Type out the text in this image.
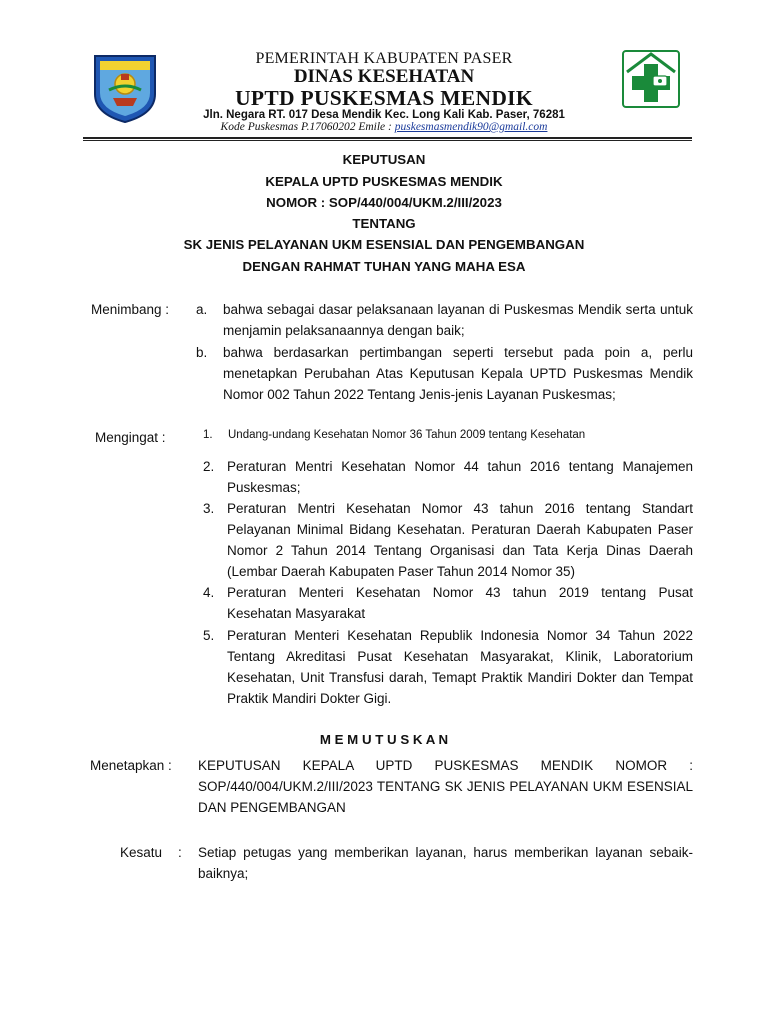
PEMERINTAH KABUPATEN PASER
DINAS KESEHATAN
UPTD PUSKESMAS MENDIK
Jln. Negara RT. 017 Desa Mendik Kec. Long Kali Kab. Paser, 76281
Kode Puskesmas P.17060202 Emile : puskesmasmendik90@gmail.com
KEPUTUSAN
KEPALA UPTD PUSKESMAS MENDIK
NOMOR : SOP/440/004/UKM.2/III/2023
TENTANG
SK JENIS PELAYANAN UKM ESENSIAL DAN PENGEMBANGAN
DENGAN RAHMAT TUHAN YANG MAHA ESA
Menimbang : a.	bahwa sebagai dasar pelaksanaan layanan di Puskesmas Mendik serta untuk menjamin pelaksanaannya dengan baik;
b.	bahwa berdasarkan pertimbangan seperti tersebut pada poin a, perlu menetapkan Perubahan Atas Keputusan Kepala UPTD Puskesmas Mendik Nomor 002 Tahun 2022 Tentang Jenis-jenis Layanan Puskesmas;
Mengingat :	1.	Undang-undang Kesehatan Nomor 36 Tahun 2009 tentang Kesehatan
2. Peraturan Mentri Kesehatan Nomor 44 tahun 2016 tentang Manajemen Puskesmas;
3. Peraturan Mentri Kesehatan Nomor 43 tahun 2016 tentang Standart Pelayanan Minimal Bidang Kesehatan. Peraturan Daerah Kabupaten Paser Nomor 2 Tahun 2014 Tentang Organisasi dan Tata Kerja Dinas Daerah (Lembar Daerah Kabupaten Paser Tahun 2014 Nomor 35)
4. Peraturan Menteri Kesehatan Nomor 43 tahun 2019 tentang Pusat Kesehatan Masyarakat
5. Peraturan Menteri Kesehatan Republik Indonesia Nomor 34 Tahun 2022 Tentang Akreditasi Pusat Kesehatan Masyarakat, Klinik, Laboratorium Kesehatan, Unit Transfusi darah, Temapt Praktik Mandiri Dokter dan Tempat Praktik Mandiri Dokter Gigi.
M E M U T U S K A N
Menetapkan : KEPUTUSAN KEPALA UPTD PUSKESMAS MENDIK NOMOR : SOP/440/004/UKM.2/III/2023 TENTANG SK JENIS PELAYANAN UKM ESENSIAL DAN PENGEMBANGAN
Kesatu : Setiap petugas yang memberikan layanan, harus memberikan layanan sebaik-baiknya;
